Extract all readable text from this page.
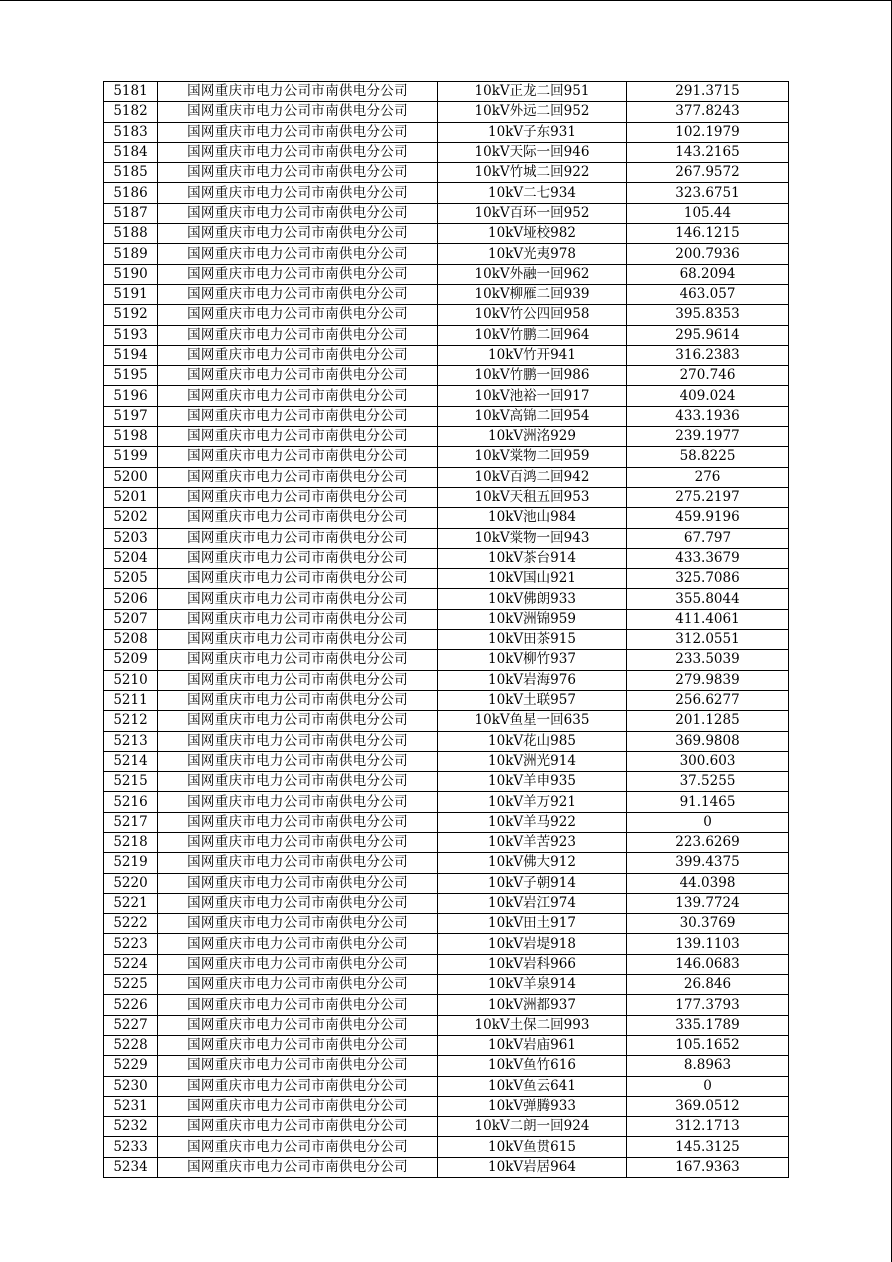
5181	国网重庆市电力公司市南供电分公司	10kV正龙二回951	291.3715
5182	国网重庆市电力公司市南供电分公司	10kV外远二回952	377.8243
5183	国网重庆市电力公司市南供电分公司	10kV子东931	102.1979
5184	国网重庆市电力公司市南供电分公司	10kV天际一回946	143.2165
5185	国网重庆市电力公司市南供电分公司	10kV竹城二回922	267.9572
5186	国网重庆市电力公司市南供电分公司	10kV二七934	323.6751
5187	国网重庆市电力公司市南供电分公司	10kV百环一回952	105.44
5188	国网重庆市电力公司市南供电分公司	10kV垭校982	146.1215
5189	国网重庆市电力公司市南供电分公司	10kV光夷978	200.7936
5190	国网重庆市电力公司市南供电分公司	10kV外融一回962	68.2094
5191	国网重庆市电力公司市南供电分公司	10kV柳雁二回939	463.057
5192	国网重庆市电力公司市南供电分公司	10kV竹公四回958	395.8353
5193	国网重庆市电力公司市南供电分公司	10kV竹鹏二回964	295.9614
5194	国网重庆市电力公司市南供电分公司	10kV竹开941	316.2383
5195	国网重庆市电力公司市南供电分公司	10kV竹鹏一回986	270.746
5196	国网重庆市电力公司市南供电分公司	10kV池裕一回917	409.024
5197	国网重庆市电力公司市南供电分公司	10kV高锦二回954	433.1936
5198	国网重庆市电力公司市南供电分公司	10kV洲洺929	239.1977
5199	国网重庆市电力公司市南供电分公司	10kV棠物二回959	58.8225
5200	国网重庆市电力公司市南供电分公司	10kV百鸿二回942	276
5201	国网重庆市电力公司市南供电分公司	10kV天租五回953	275.2197
5202	国网重庆市电力公司市南供电分公司	10kV池山984	459.9196
5203	国网重庆市电力公司市南供电分公司	10kV棠物一回943	67.797
5204	国网重庆市电力公司市南供电分公司	10kV茶台914	433.3679
5205	国网重庆市电力公司市南供电分公司	10kV国山921	325.7086
5206	国网重庆市电力公司市南供电分公司	10kV佛朗933	355.8044
5207	国网重庆市电力公司市南供电分公司	10kV洲锦959	411.4061
5208	国网重庆市电力公司市南供电分公司	10kV田茶915	312.0551
5209	国网重庆市电力公司市南供电分公司	10kV柳竹937	233.5039
5210	国网重庆市电力公司市南供电分公司	10kV岩海976	279.9839
5211	国网重庆市电力公司市南供电分公司	10kV土联957	256.6277
5212	国网重庆市电力公司市南供电分公司	10kV鱼星一回635	201.1285
5213	国网重庆市电力公司市南供电分公司	10kV花山985	369.9808
5214	国网重庆市电力公司市南供电分公司	10kV洲光914	300.603
5215	国网重庆市电力公司市南供电分公司	10kV羊申935	37.5255
5216	国网重庆市电力公司市南供电分公司	10kV羊万921	91.1465
5217	国网重庆市电力公司市南供电分公司	10kV羊马922	0
5218	国网重庆市电力公司市南供电分公司	10kV羊苦923	223.6269
5219	国网重庆市电力公司市南供电分公司	10kV佛大912	399.4375
5220	国网重庆市电力公司市南供电分公司	10kV子朝914	44.0398
5221	国网重庆市电力公司市南供电分公司	10kV岩江974	139.7724
5222	国网重庆市电力公司市南供电分公司	10kV田土917	30.3769
5223	国网重庆市电力公司市南供电分公司	10kV岩堤918	139.1103
5224	国网重庆市电力公司市南供电分公司	10kV岩科966	146.0683
5225	国网重庆市电力公司市南供电分公司	10kV羊泉914	26.846
5226	国网重庆市电力公司市南供电分公司	10kV洲都937	177.3793
5227	国网重庆市电力公司市南供电分公司	10kV土保二回993	335.1789
5228	国网重庆市电力公司市南供电分公司	10kV岩庙961	105.1652
5229	国网重庆市电力公司市南供电分公司	10kV鱼竹616	8.8963
5230	国网重庆市电力公司市南供电分公司	10kV鱼云641	0
5231	国网重庆市电力公司市南供电分公司	10kV弹腾933	369.0512
5232	国网重庆市电力公司市南供电分公司	10kV二朗一回924	312.1713
5233	国网重庆市电力公司市南供电分公司	10kV鱼贯615	145.3125
5234	国网重庆市电力公司市南供电分公司	10kV岩居964	167.9363
